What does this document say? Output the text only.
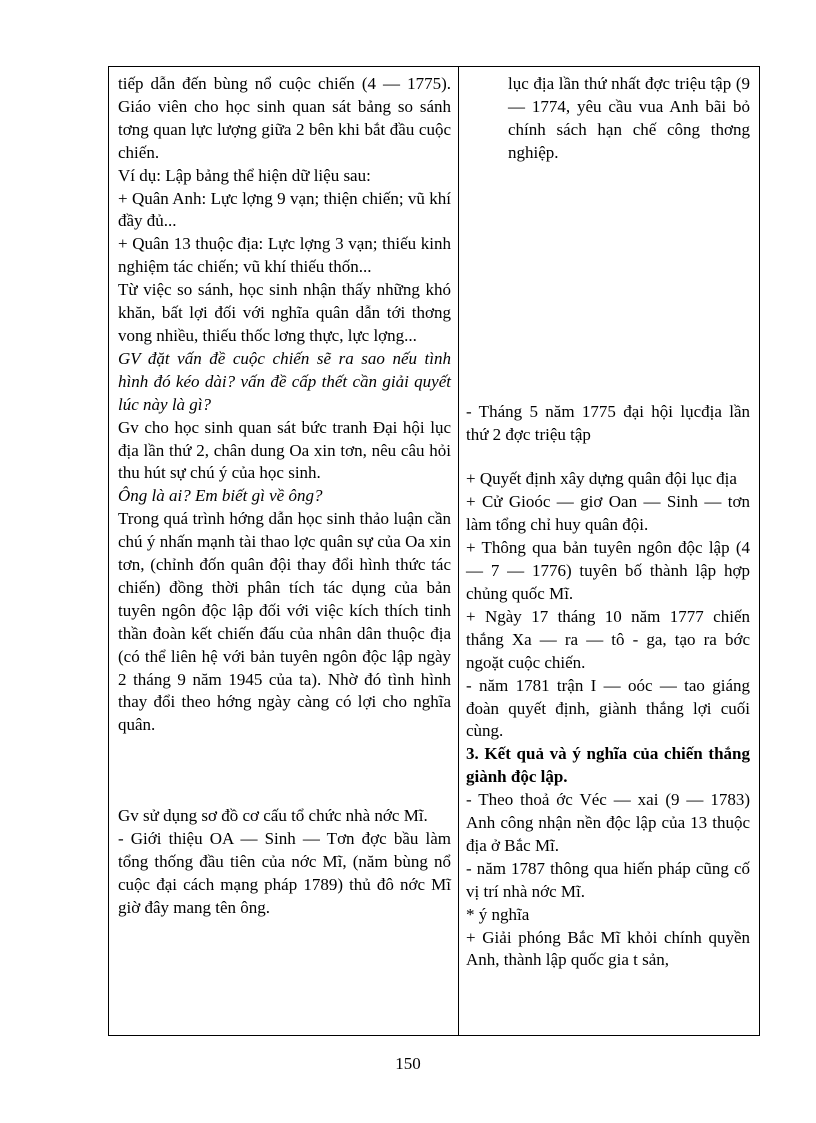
tiếp dẫn đến bùng nổ cuộc chiến (4 — 1775). Giáo viên cho học sinh quan sát bảng so sánh tơng quan lực lượng giữa 2 bên khi bắt đầu cuộc chiến.

Ví dụ: Lập bảng thể hiện dữ liệu sau:

+ Quân Anh: Lực lợng 9 vạn; thiện chiến; vũ khí đầy đủ...

+ Quân 13 thuộc địa: Lực lợng 3 vạn; thiếu kinh nghiệm tác chiến; vũ khí thiếu thốn...

Từ việc so sánh, học sinh nhận thấy những khó khăn, bất lợi đối với nghĩa quân dẫn tới thơng vong nhiều, thiếu thốc lơng thực, lực lợng...

GV đặt vấn đề cuộc chiến sẽ ra sao nếu tình hình đó kéo dài? vấn đề cấp thết cần giải quyết lúc này là gì?

Gv cho học sinh quan sát bức tranh Đại hội lục địa lần thứ 2, chân dung Oa xin tơn, nêu câu hỏi thu hút sự chú ý của học sinh.

Ông là ai? Em biết gì về ông?

Trong quá trình hớng dẫn học sinh thảo luận cần chú ý nhấn mạnh tài thao lợc quân sự của Oa xin tơn, (chỉnh đốn quân đội thay đổi hình thức tác chiến) đồng thời phân tích tác dụng của bản tuyên ngôn độc lập đối với việc kích thích tinh thần đoàn kết chiến đấu của nhân dân thuộc địa (có thể liên hệ với bản tuyên ngôn độc lập ngày 2 tháng 9 năm 1945 của ta). Nhờ đó tình hình thay đổi theo hớng ngày càng có lợi cho nghĩa quân.

Gv sử dụng sơ đồ cơ cấu tổ chức nhà nớc Mĩ.

- Giới thiệu OA — Sinh — Tơn đợc bầu làm tổng thống đầu tiên của nớc Mĩ, (năm bùng nổ cuộc đại cách mạng pháp 1789) thủ đô nớc Mĩ giờ đây mang tên ông.

lục địa lần thứ nhất đợc triệu tập (9 — 1774, yêu cầu vua Anh bãi bỏ chính sách hạn chế công thơng nghiệp.

- Tháng 5 năm 1775 đại hội lụcđịa lần thứ 2 đợc triệu tập

+ Quyết định xây dựng quân đội lục địa

+ Cử Gioóc — giơ Oan — Sinh — tơn làm tổng chỉ huy quân đội.

+ Thông qua bản tuyên ngôn độc lập (4 — 7 — 1776) tuyên bố thành lập hợp chủng quốc Mĩ.

+ Ngày 17 tháng 10 năm 1777 chiến thắng Xa — ra — tô - ga, tạo ra bớc ngoặt cuộc chiến.

- năm 1781 trận I — oóc — tao giáng đoàn quyết định, giành thắng lợi cuối cùng.

3. Kết quả và ý nghĩa của chiến thắng giành độc lập.

- Theo thoả ớc Véc — xai (9 — 1783) Anh công nhận nền độc lập của 13 thuộc địa ở Bắc Mĩ.

- năm 1787 thông qua hiến pháp cũng cố vị trí nhà nớc Mĩ.

* ý nghĩa

+ Giải phóng Bắc Mĩ khỏi chính quyền Anh, thành lập quốc gia t sản,

150
